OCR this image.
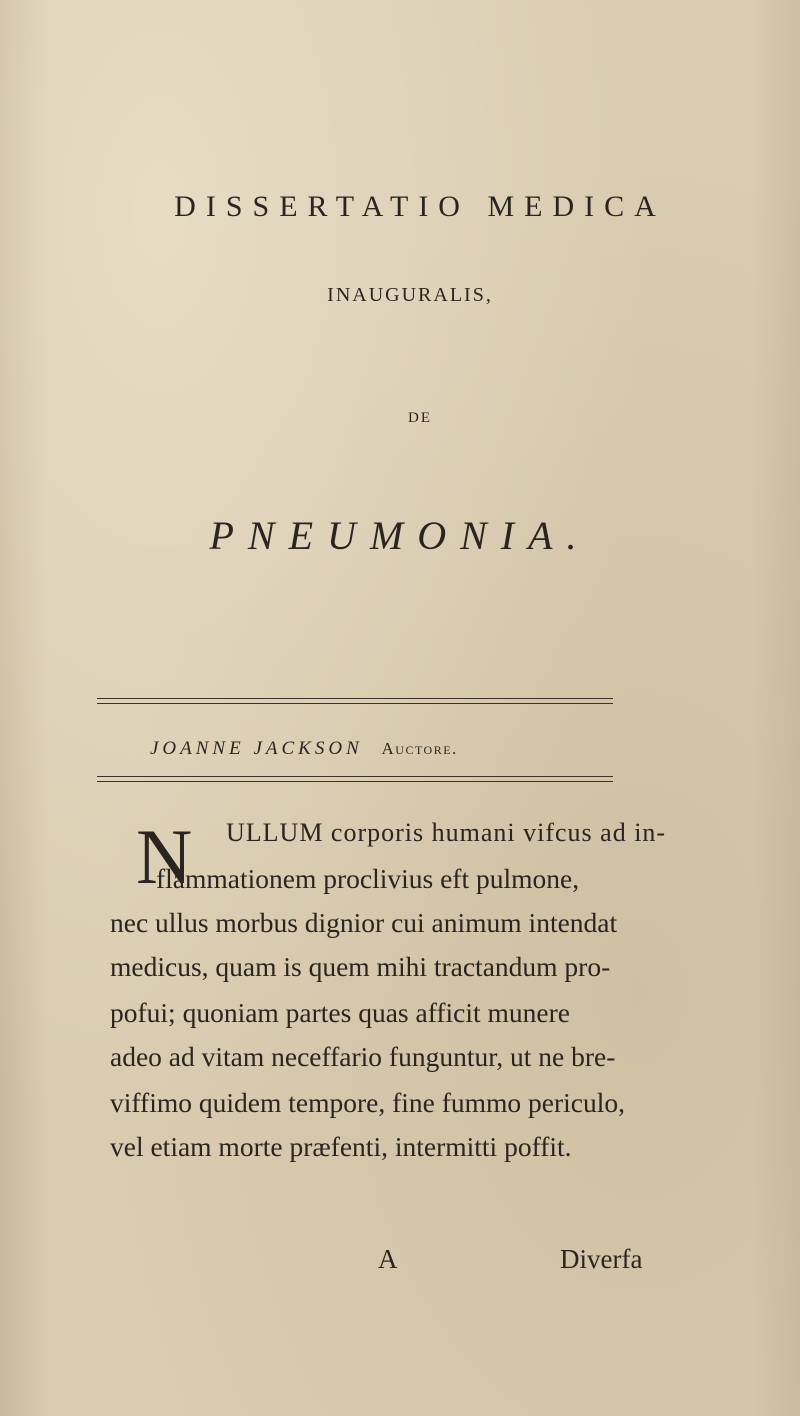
DISSERTATIO MEDICA
INAUGURALIS,
DE
PNEUMONIA.
JOANNE JACKSON Auctore.
N ULLUM corporis humani vifcus ad in-
flammationem proclivius eft pulmone,
nec ullus morbus dignior cui animum intendat
medicus, quam is quem mihi tractandum pro-
pofui; quoniam partes quas afficit munere
adeo ad vitam neceffario funguntur, ut ne bre-
viffimo quidem tempore, fine fummo periculo,
vel etiam morte præfenti, intermitti poffit.
A	Diverfa
